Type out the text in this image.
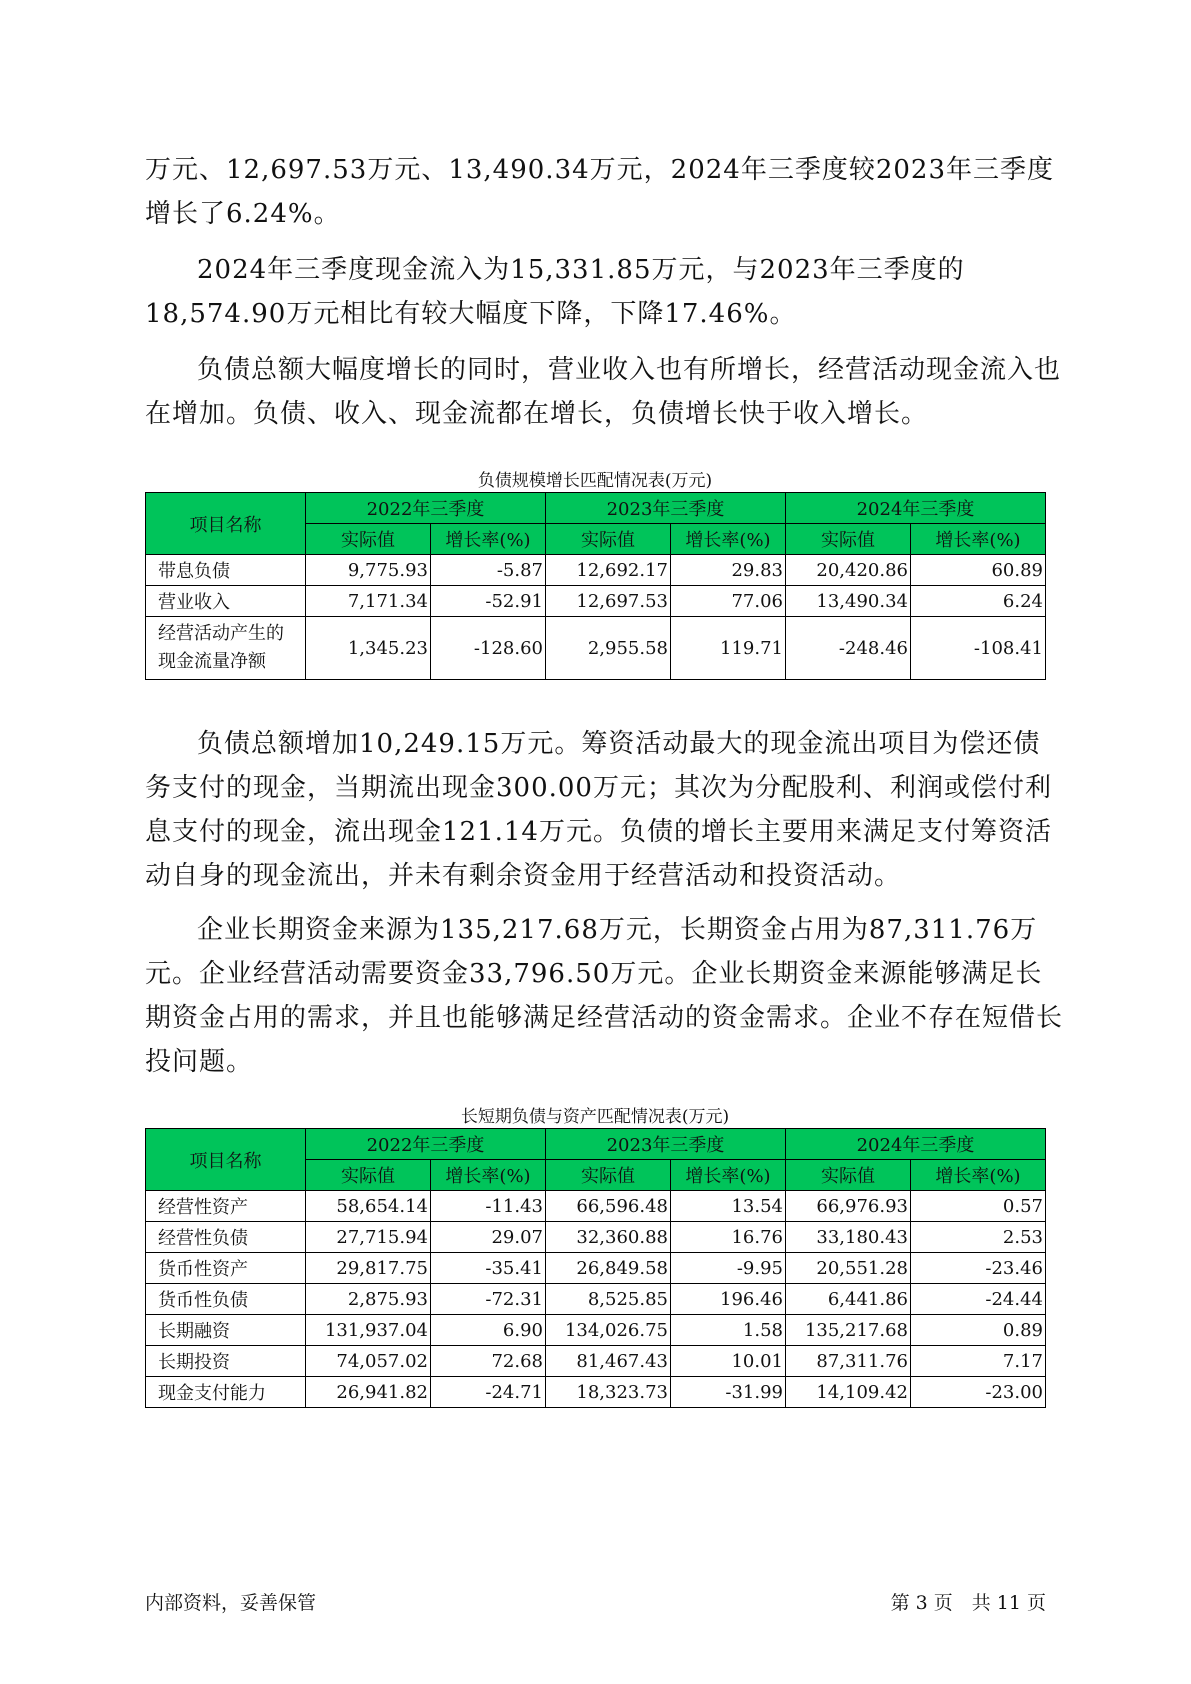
万元、12,697.53万元、13,490.34万元，2024年三季度较2023年三季度增长了6.24%。

2024年三季度现金流入为15,331.85万元，与2023年三季度的18,574.90万元相比有较大幅度下降，下降17.46%。

负债总额大幅度增长的同时，营业收入也有所增长，经营活动现金流入也在增加。负债、收入、现金流都在增长，负债增长快于收入增长。

负债规模增长匹配情况表(万元)
项目名称	2022年三季度		2023年三季度		2024年三季度	
	实际值	增长率(%)	实际值	增长率(%)	实际值	增长率(%)
带息负债	9,775.93	-5.87	12,692.17	29.83	20,420.86	60.89
营业收入	7,171.34	-52.91	12,697.53	77.06	13,490.34	6.24
经营活动产生的现金流量净额	1,345.23	-128.60	2,955.58	119.71	-248.46	-108.41

负债总额增加10,249.15万元。筹资活动最大的现金流出项目为偿还债务支付的现金，当期流出现金300.00万元；其次为分配股利、利润或偿付利息支付的现金，流出现金121.14万元。负债的增长主要用来满足支付筹资活动自身的现金流出，并未有剩余资金用于经营活动和投资活动。

企业长期资金来源为135,217.68万元，长期资金占用为87,311.76万元。企业经营活动需要资金33,796.50万元。企业长期资金来源能够满足长期资金占用的需求，并且也能够满足经营活动的资金需求。企业不存在短借长投问题。

长短期负债与资产匹配情况表(万元)
项目名称	2022年三季度		2023年三季度		2024年三季度	
	实际值	增长率(%)	实际值	增长率(%)	实际值	增长率(%)
经营性资产	58,654.14	-11.43	66,596.48	13.54	66,976.93	0.57
经营性负债	27,715.94	29.07	32,360.88	16.76	33,180.43	2.53
货币性资产	29,817.75	-35.41	26,849.58	-9.95	20,551.28	-23.46
货币性负债	2,875.93	-72.31	8,525.85	196.46	6,441.86	-24.44
长期融资	131,937.04	6.90	134,026.75	1.58	135,217.68	0.89
长期投资	74,057.02	72.68	81,467.43	10.01	87,311.76	7.17
现金支付能力	26,941.82	-24.71	18,323.73	-31.99	14,109.42	-23.00
内部资料，妥善保管	第 3 页　共 11 页
